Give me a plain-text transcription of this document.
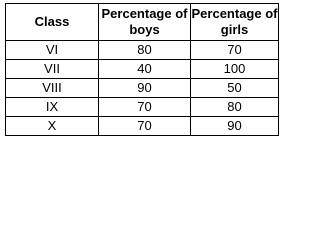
Class	Percentage of boys	Percentage of girls
VI	80	70
VII	40	100
VIII	90	50
IX	70	80
X	70	90
